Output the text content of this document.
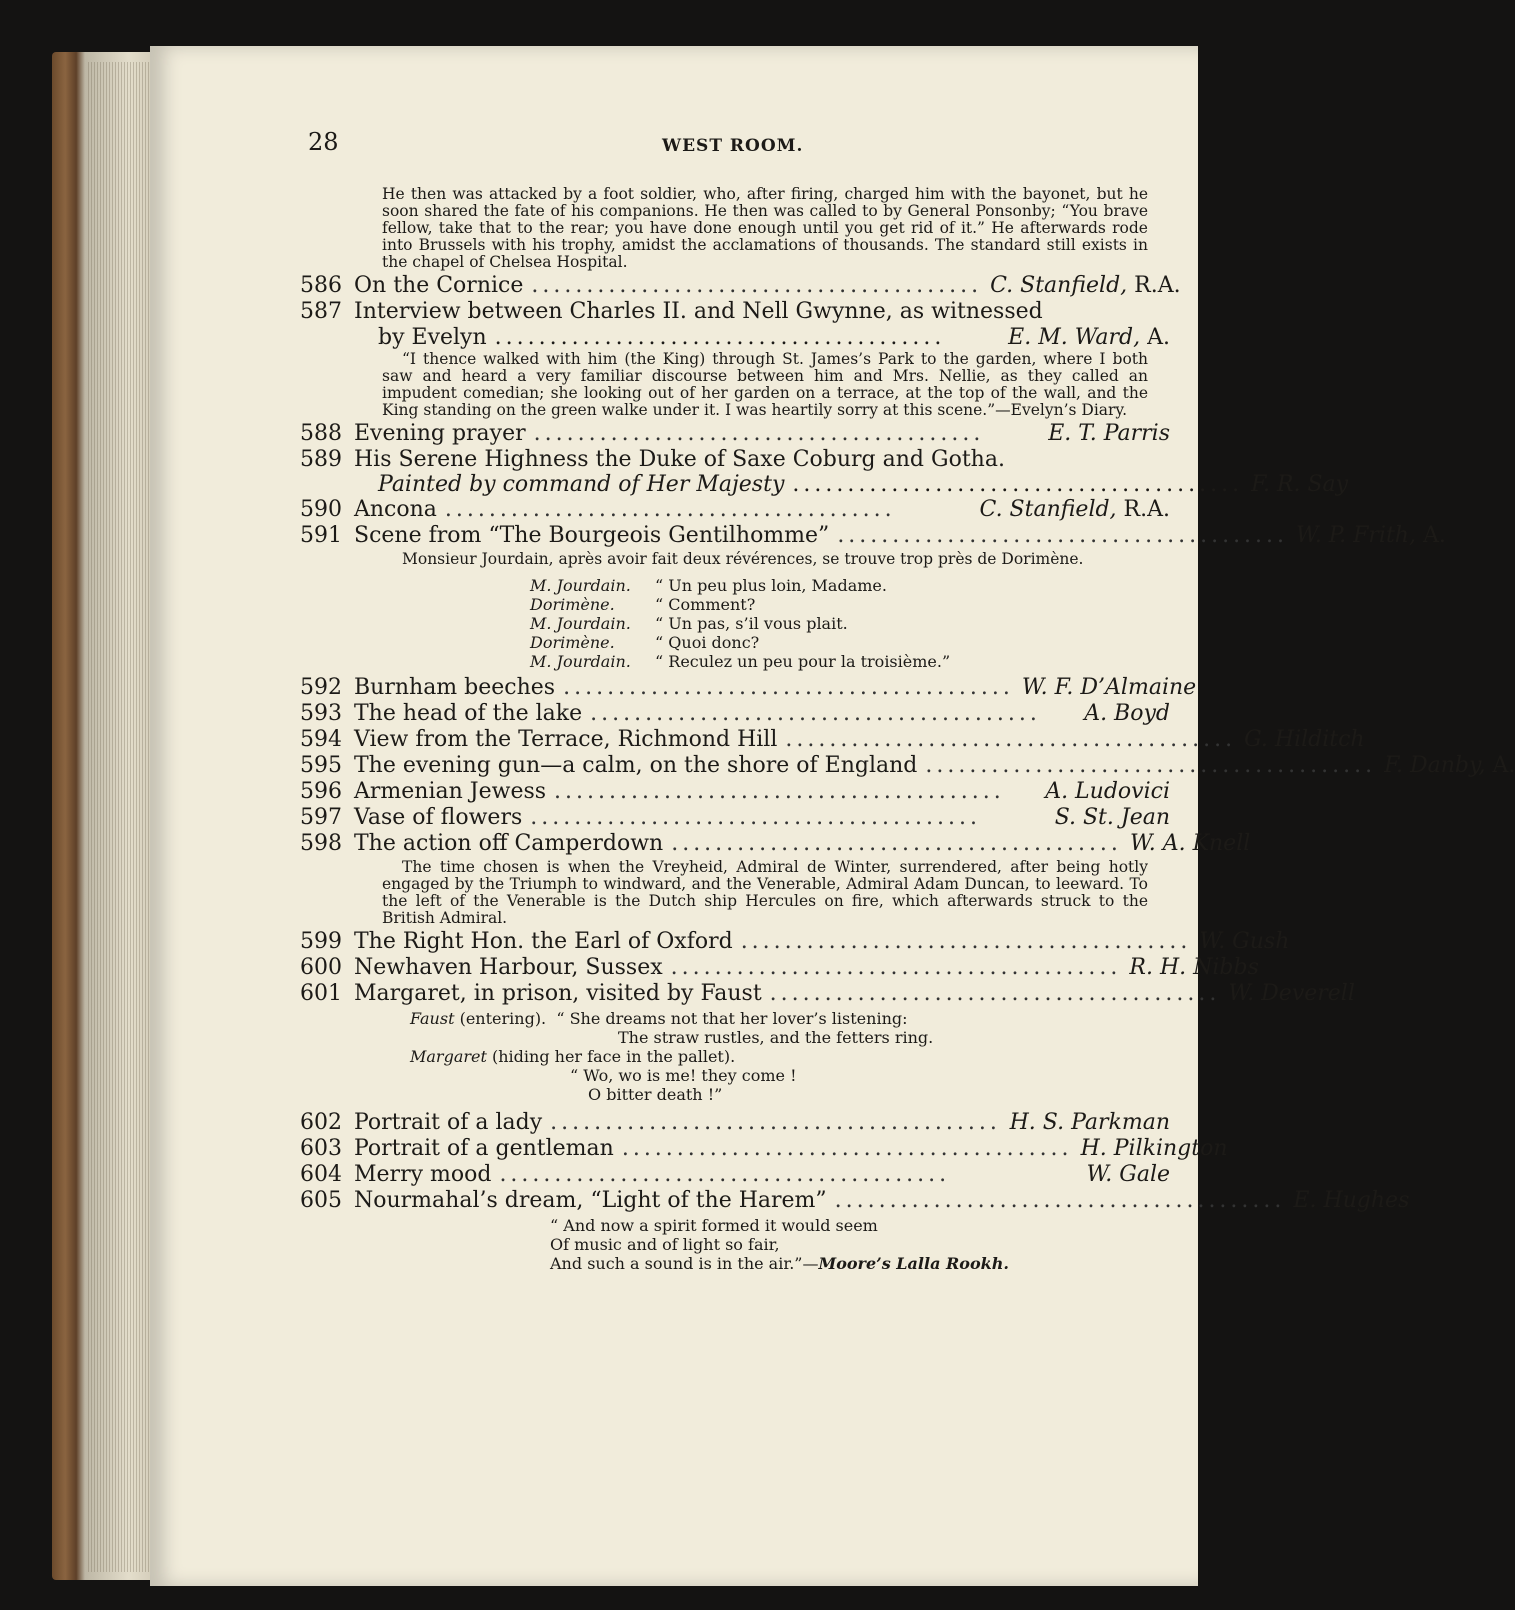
28	WEST ROOM.

He then was attacked by a foot soldier, who, after firing, charged him with the bayonet, but he soon shared the fate of his companions. He then was called to by General Ponsonby; “You brave fellow, take that to the rear; you have done enough until you get rid of it.” He afterwards rode into Brussels with his trophy, amidst the acclamations of thousands. The standard still exists in the chapel of Chelsea Hospital.

586 On the Cornice ......................................... C. Stanfield, R.A.
587 Interview between Charles II. and Nell Gwynne, as witnessed
by Evelyn .........................................	E. M. Ward, A.

“I thence walked with him (the King) through St. James’s Park to the garden, where I both saw and heard a very familiar discourse between him and Mrs. Nellie, as they called an impudent comedian; she looking out of her garden on a terrace, at the top of the wall, and the King standing on the green walke under it. I was heartily sorry at this scene.”—Evelyn’s Diary.

588 Evening prayer .........................................	E. T. Parris
589 His Serene Highness the Duke of Saxe Coburg and Gotha.
Painted by command of Her Majesty ......................................... F. R. Say
590 Ancona .........................................	C. Stanfield, R.A.
591 Scene from “The Bourgeois Gentilhomme” ......................................... W. P. Frith, A.

Monsieur Jourdain, après avoir fait deux révérences, se trouve trop près de Dorimène.

M. Jourdain.	“ Un peu plus loin, Madame.
Dorimène.	“ Comment?
M. Jourdain.	“ Un pas, s’il vous plait.
Dorimène.	“ Quoi donc?
M. Jourdain.	“ Reculez un peu pour la troisième.”
592 Burnham beeches ......................................... W. F. D’Almaine
593 The head of the lake .........................................	A. Boyd
594 View from the Terrace, Richmond Hill ......................................... G. Hilditch
595 The evening gun—a calm, on the shore of England ......................................... F. Danby, A.
596 Armenian Jewess .........................................	A. Ludovici
597 Vase of flowers .........................................	S. St. Jean
598 The action off Camperdown ......................................... W. A. Knell

The time chosen is when the Vreyheid, Admiral de Winter, surrendered, after being hotly engaged by the Triumph to windward, and the Venerable, Admiral Adam Duncan, to leeward. To the left of the Venerable is the Dutch ship Hercules on fire, which afterwards struck to the British Admiral.

599 The Right Hon. the Earl of Oxford ......................................... W. Gush
600 Newhaven Harbour, Sussex ......................................... R. H. Nibbs
601 Margaret, in prison, visited by Faust ......................................... W. Deverell
Faust (entering). “ She dreams not that her lover’s listening:
The straw rustles, and the fetters ring.
Margaret (hiding her face in the pallet).
“ Wo, wo is me! they come !
O bitter death !”
602 Portrait of a lady ......................................... H. S. Parkman
603 Portrait of a gentleman ......................................... H. Pilkington
604 Merry mood .........................................	W. Gale
605 Nourmahal’s dream, “Light of the Harem” ......................................... E. Hughes
“ And now a spirit formed it would seem
Of music and of light so fair,
And such a sound is in the air.”—Moore’s Lalla Rookh.
